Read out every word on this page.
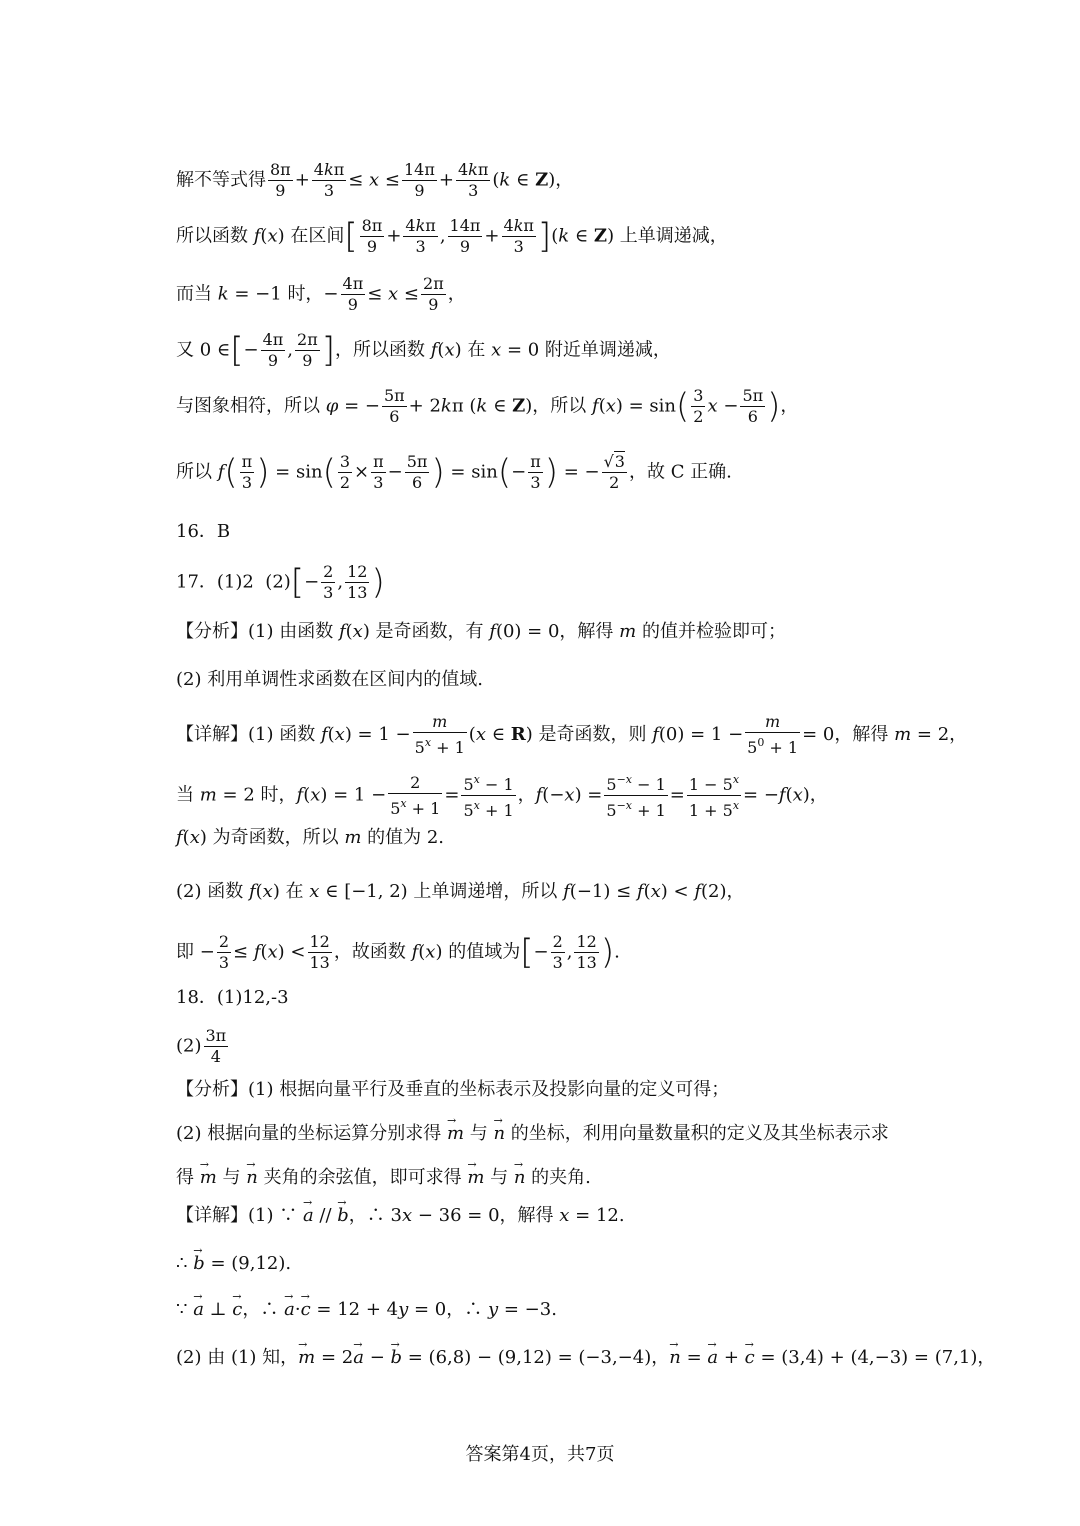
解不等式得 $\frac{8\pi}{9} + \frac{4k\pi}{3} \le x \le \frac{14\pi}{9} + \frac{4k\pi}{3} (k$ ∈ Z)，
所以函数 f(x) 在区间[ $\frac{8\pi}{9} + \frac{4k\pi}{3}$ , $\frac{14\pi}{9} + \frac{4k\pi}{3} ](k$ ∈ Z) 上单调递减，
而当 k = −1 时，− $\frac{4\pi}{9} \le x \le \frac{2\pi}{9}$ ，
又 0 ∈[− $\frac{4\pi}{9}$ , $\frac{2\pi}{9}$ ]，所以函数 f(x) 在 x = 0 附近单调递减，
与图象相符，所以 φ = − $\frac{5\pi}{6} + 2k\pi$ (k ∈ Z)，所以 $f(x) = \sin( \frac{3}{2}$ $x - \frac{5\pi}{6}$ )，
所以 $f( \frac{\pi}{3}$ ) = $\sin( \frac{3}{2} \times \frac{\pi}{3} - \frac{5\pi}{6}$ ) = $\sin(- \frac{\pi}{3}$ ) = − $\frac{√3}{2}$ ，故 C 正确.
16．B
17．(1)2  $(2)[- \frac{2}{3}$ , $\frac{12}{13}$ )
【分析】(1) 由函数 f(x) 是奇函数，有 f(0) = 0，解得 m 的值并检验即可；
(2) 利用单调性求函数在区间内的值域.
【详解】(1) 函数 $f(x) = 1 - \frac{m}{5^x + 1} (x$ ∈ R) 是奇函数，则 $f(0) = 1 - \frac{m}{5^0 + 1} = 0$，解得 m = 2，
当 m = 2 时，$f(x) = 1 - \frac{2}{5^x + 1} = \frac{5^x - 1}{5^x + 1}$ ，$f(-x) = \frac{5^{-x} - 1}{5^{-x} + 1} = \frac{1 - 5^x}{1 + 5^x} = -f(x)$，
f(x) 为奇函数，所以 m 的值为 2.
(2) 函数 f(x) 在 x ∈ [−1, 2) 上单调递增，所以 f(−1) ≤ f(x) < f(2)，
即 − $\frac{2}{3} \le f(x) < \frac{12}{13}$ ，故函数 f(x) 的值域为[− $\frac{2}{3}$ , $\frac{12}{13}$ ).
18．(1)12,-3
$(2) \frac{3\pi}{4}$
【分析】(1) 根据向量平行及垂直的坐标表示及投影向量的定义可得；
(2) 根据向量的坐标运算分别求得 → m 与 → n 的坐标，利用向量数量积的定义及其坐标表示求
得 → m 与 → n 夹角的余弦值，即可求得 → m 与 → n 的夹角.
【详解】(1) ∵ → a // → b，∴ 3x − 36 = 0，解得 x = 12.
∴ → b = (9,12).
∵ → a ⊥ → c，∴ → a·→ c = 12 + 4y = 0，∴ y = −3.
(2) 由 (1) 知，→ m = 2→ a − → b = (6,8) − (9,12) = (−3,−4)，→ n = → a + → c = (3,4) + (4,−3) = (7,1)，
答案第4页，共7页
